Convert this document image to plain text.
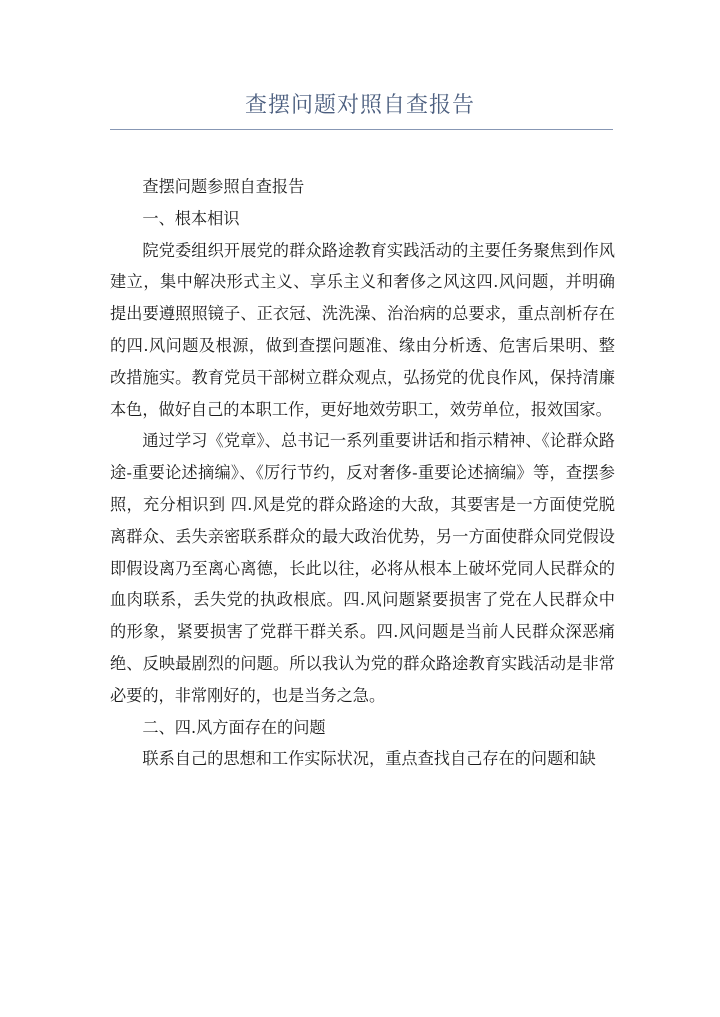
查摆问题对照自查报告

查摆问题参照自查报告

一、根本相识

院党委组织开展党的群众路途教育实践活动的主要任务聚焦到作风建立，集中解决形式主义、享乐主义和奢侈之风这四.风问题，并明确提出要遵照照镜子、正衣冠、洗洗澡、治治病的总要求，重点剖析存在的四.风问题及根源，做到查摆问题准、缘由分析透、危害后果明、整改措施实。教育党员干部树立群众观点，弘扬党的优良作风，保持清廉本色，做好自己的本职工作，更好地效劳职工，效劳单位，报效国家。

通过学习《党章》、总书记一系列重要讲话和指示精神、《论群众路途-重要论述摘编》、《厉行节约，反对奢侈-重要论述摘编》等，查摆参照，充分相识到 四.风是党的群众路途的大敌，其要害是一方面使党脱离群众、丢失亲密联系群众的最大政治优势，另一方面使群众同党假设即假设离乃至离心离德，长此以往，必将从根本上破坏党同人民群众的血肉联系，丢失党的执政根底。四.风问题紧要损害了党在人民群众中的形象，紧要损害了党群干群关系。四.风问题是当前人民群众深恶痛绝、反映最剧烈的问题。所以我认为党的群众路途教育实践活动是非常必要的，非常刚好的，也是当务之急。

二、四.风方面存在的问题

联系自己的思想和工作实际状况，重点查找自己存在的问题和缺
